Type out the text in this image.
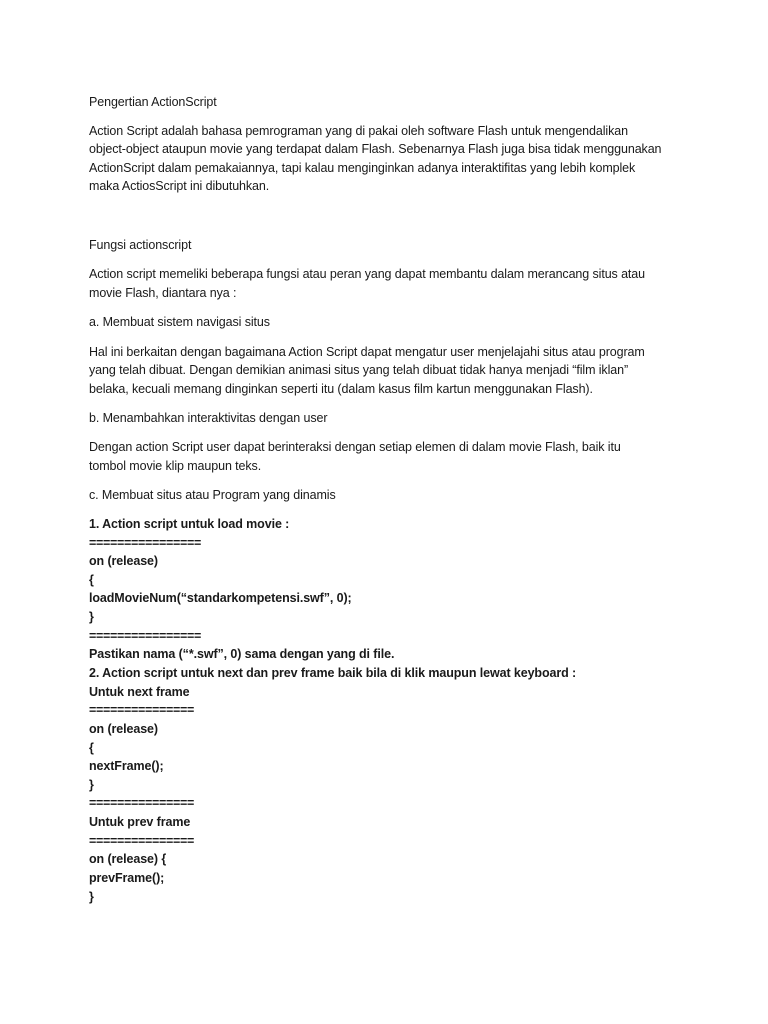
Pengertian ActionScript
Action Script adalah bahasa pemrograman yang di pakai oleh software Flash untuk mengendalikan
object-object ataupun movie yang terdapat dalam Flash. Sebenarnya Flash juga bisa tidak menggunakan
ActionScript dalam pemakaiannya, tapi kalau menginginkan adanya interaktifitas yang lebih komplek
maka ActiosScript ini dibutuhkan.
Fungsi actionscript
Action script memeliki beberapa fungsi atau peran yang dapat membantu dalam merancang situs atau
movie Flash, diantara nya :
a. Membuat sistem navigasi situs
Hal ini berkaitan dengan bagaimana Action Script dapat mengatur user menjelajahi situs atau program
yang telah dibuat. Dengan demikian animasi situs yang telah dibuat tidak hanya menjadi “film iklan”
belaka, kecuali memang dinginkan seperti itu (dalam kasus film kartun menggunakan Flash).
b. Menambahkan interaktivitas dengan user
Dengan action Script user dapat berinteraksi dengan setiap elemen di dalam movie Flash, baik itu
tombol movie klip maupun teks.
c. Membuat situs atau Program yang dinamis
1. Action script untuk load movie :
================
on (release)
{
loadMovieNum(“standarkompetensi.swf”, 0);
}
================
Pastikan nama (“*.swf”, 0) sama dengan yang di file.
2. Action script untuk next dan prev frame baik bila di klik maupun lewat keyboard :
Untuk next frame
===============
on (release)
{
nextFrame();
}
===============
Untuk prev frame
===============
on (release) {
prevFrame();
}
